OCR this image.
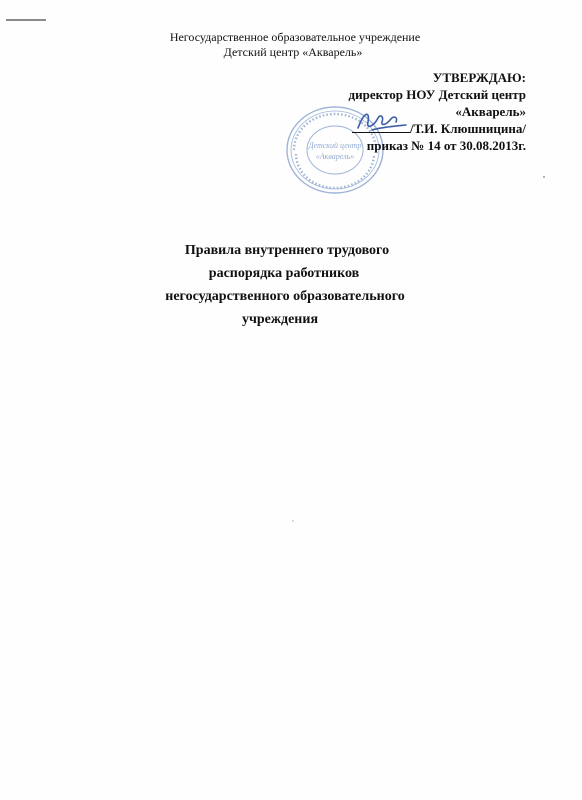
Негосударственное образовательное учреждение
Детский центр «Акварель»
Детский центр
«Акварель»
УТВЕРЖДАЮ:
директор НОУ Детский центр
«Акварель»
/Т.И. Клюшницина/
приказ № 14 от 30.08.2013г.
Правила внутреннего трудового
распорядка работников
негосударственного образовательного
учреждения
